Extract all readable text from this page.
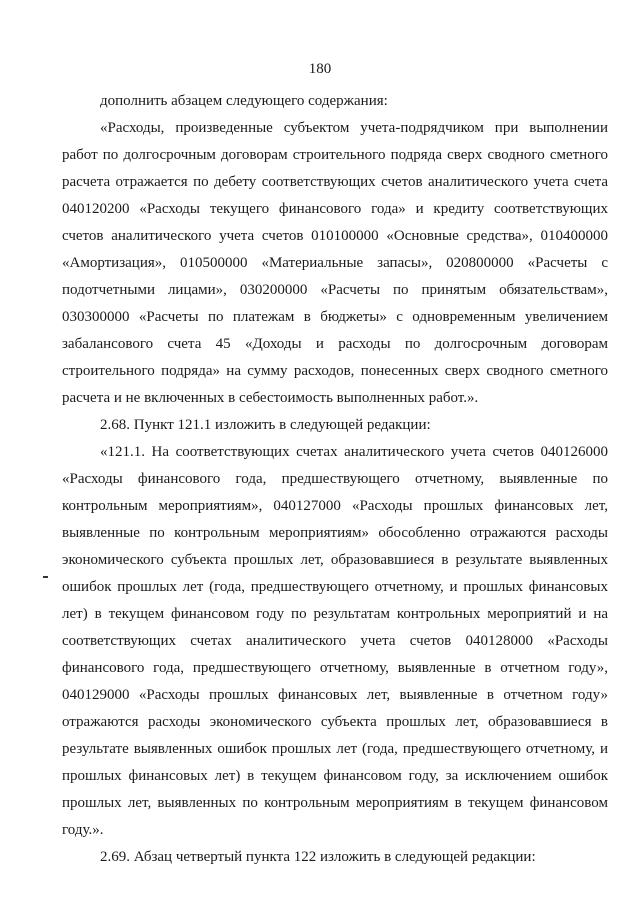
180
дополнить абзацем следующего содержания:
«Расходы, произведенные субъектом учета-подрядчиком при выполнении
работ по долгосрочным договорам строительного подряда сверх сводного сметного
расчета отражается по дебету соответствующих счетов аналитического учета счета
040120200 «Расходы текущего финансового года» и кредиту соответствующих
счетов аналитического учета счетов 010100000 «Основные средства», 010400000
«Амортизация», 010500000 «Материальные запасы», 020800000 «Расчеты с
подотчетными лицами», 030200000 «Расчеты по принятым обязательствам»,
030300000 «Расчеты по платежам в бюджеты» с одновременным увеличением
забалансового счета 45 «Доходы и расходы по долгосрочным договорам
строительного подряда» на сумму расходов, понесенных сверх сводного сметного
расчета и не включенных в себестоимость выполненных работ.».
2.68. Пункт 121.1 изложить в следующей редакции:
«121.1. На соответствующих счетах аналитического учета счетов 040126000
«Расходы финансового года, предшествующего отчетному, выявленные по
контрольным мероприятиям», 040127000 «Расходы прошлых финансовых лет,
выявленные по контрольным мероприятиям» обособленно отражаются расходы
экономического субъекта прошлых лет, образовавшиеся в результате выявленных
ошибок прошлых лет (года, предшествующего отчетному, и прошлых финансовых
лет) в текущем финансовом году по результатам контрольных мероприятий и на
соответствующих счетах аналитического учета счетов 040128000 «Расходы
финансового года, предшествующего отчетному, выявленные в отчетном году»,
040129000 «Расходы прошлых финансовых лет, выявленные в отчетном году»
отражаются расходы экономического субъекта прошлых лет, образовавшиеся в
результате выявленных ошибок прошлых лет (года, предшествующего отчетному, и
прошлых финансовых лет) в текущем финансовом году, за исключением ошибок
прошлых лет, выявленных по контрольным мероприятиям в текущем финансовом
году.».
2.69. Абзац четвертый пункта 122 изложить в следующей редакции:
